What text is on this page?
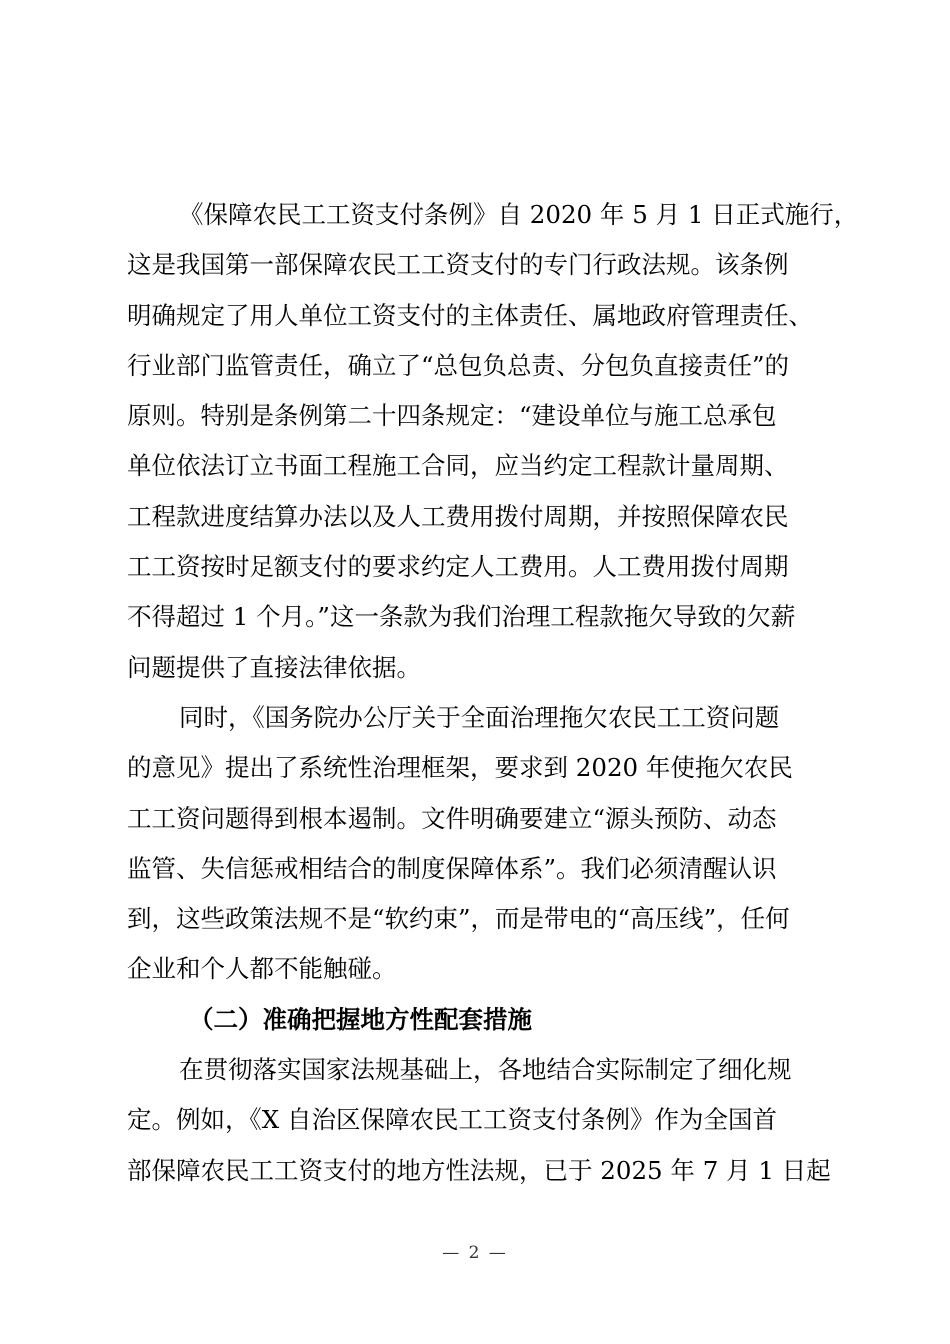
《保障农民工工资支付条例》自 2020 年 5 月 1 日正式施行，
这是我国第一部保障农民工工资支付的专门行政法规。该条例
明确规定了用人单位工资支付的主体责任、属地政府管理责任、
行业部门监管责任，确立了“总包负总责、分包负直接责任”的
原则。特别是条例第二十四条规定：“建设单位与施工总承包
单位依法订立书面工程施工合同，应当约定工程款计量周期、
工程款进度结算办法以及人工费用拨付周期，并按照保障农民
工工资按时足额支付的要求约定人工费用。人工费用拨付周期
不得超过 1 个月。”这一条款为我们治理工程款拖欠导致的欠薪
问题提供了直接法律依据。
同时，《国务院办公厅关于全面治理拖欠农民工工资问题
的意见》提出了系统性治理框架，要求到 2020 年使拖欠农民
工工资问题得到根本遏制。文件明确要建立“源头预防、动态
监管、失信惩戒相结合的制度保障体系”。我们必须清醒认识
到，这些政策法规不是“软约束”，而是带电的“高压线”，任何
企业和个人都不能触碰。
（二）准确把握地方性配套措施
在贯彻落实国家法规基础上，各地结合实际制定了细化规
定。例如，《X 自治区保障农民工工资支付条例》作为全国首
部保障农民工工资支付的地方性法规，已于 2025 年 7 月 1 日起
— 2 —
